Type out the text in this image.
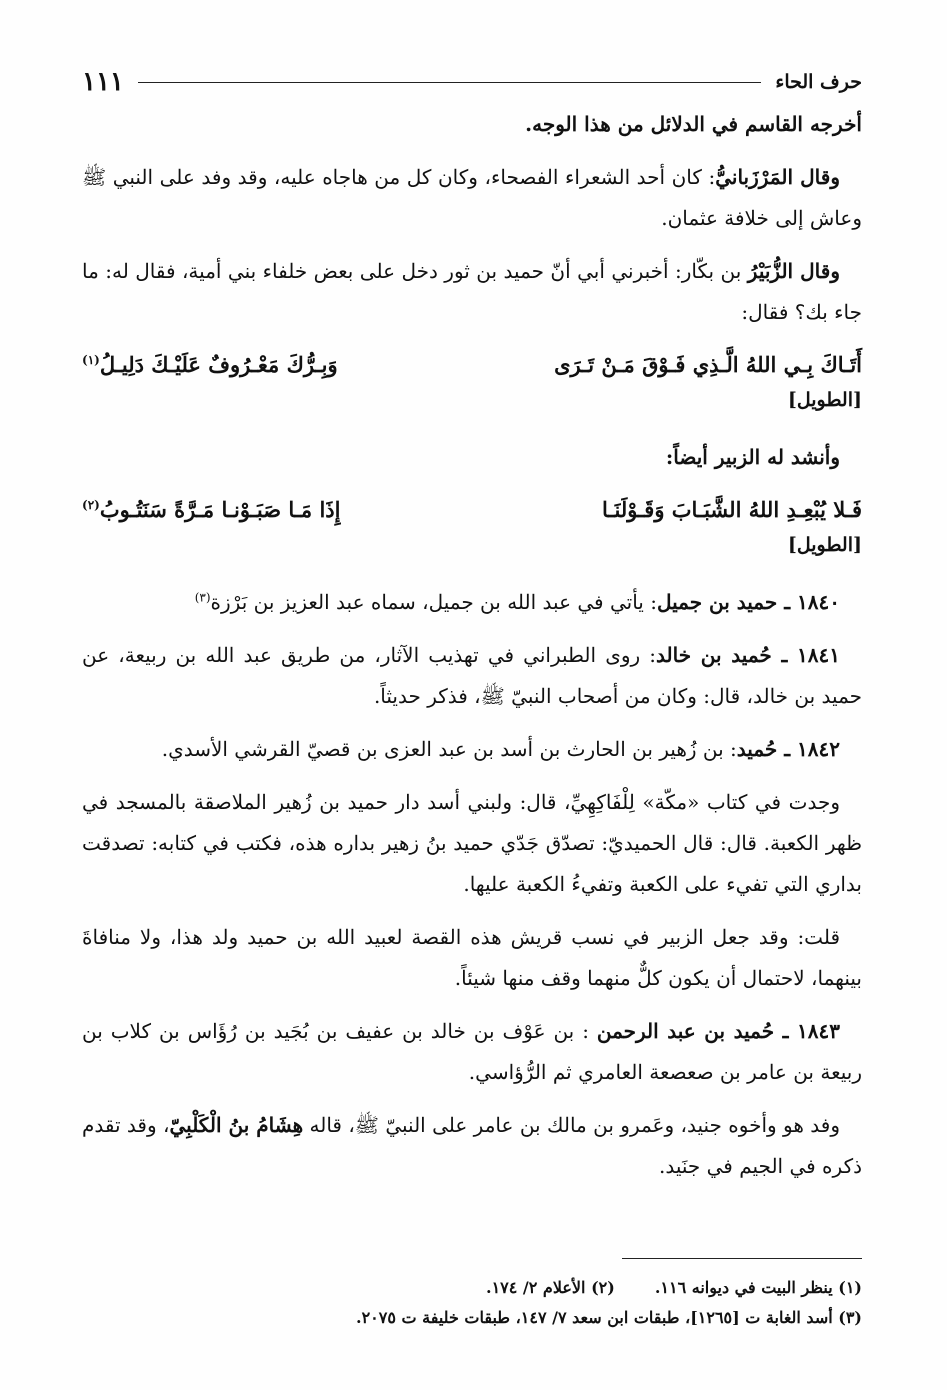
حرف الحاء
١١١

أخرجه القاسم في الدلائل من هذا الوجه.

وقال المَرْزَبانيُّ: كان أحد الشعراء الفصحاء، وكان كل من هاجاه عليه، وقد وفد على النبي ﷺ وعاش إلى خلافة عثمان.

وقال الزُّبَيْرُ بن بكّار: أخبرني أبي أنّ حميد بن ثور دخل على بعض خلفاء بني أمية، فقال له: ما جاء بك؟ فقال:

أَتَـاكَ بِـي اللهُ الَّـذِي فَـوْقَ مَـنْ تَـرَى
وَبِـرُّكَ مَعْـرُوفٌ عَلَيْـكَ دَلِيـلُ$^{(١)}$
[الطويل]

وأنشد له الزبير أيضاً:

فَـلا يُبْعِـدِ اللهُ الشَّبَـابَ وَقَـوْلَنَـا
إِذَا مَـا صَبَـوْنـا مَـرَّةً سَنَتُـوبُ$^{(٢)}$
[الطويل]

١٨٤٠ ـ حميد بن جميل: يأتي في عبد الله بن جميل، سماه عبد العزيز بن بَرْزة$^{(٣)}$

١٨٤١ ـ حُميد بن خالد: روى الطبراني في تهذيب الآثار، من طريق عبد الله بن ربيعة، عن حميد بن خالد، قال: وكان من أصحاب النبيّ ﷺ، فذكر حديثاً.

١٨٤٢ ـ حُميد: بن زُهير بن الحارث بن أسد بن عبد العزى بن قصيّ القرشي الأسدي.

وجدت في كتاب «مكّة» لِلْفَاكِهِيِّ، قال: ولبني أسد دار حميد بن زُهير الملاصقة بالمسجد في ظهر الكعبة. قال: قال الحميديّ: تصدّق جَدّي حميد بنُ زهير بداره هذه، فكتب في كتابه: تصدقت بداري التي تفيء على الكعبة وتفيءُ الكعبة عليها.

قلت: وقد جعل الزبير في نسب قريش هذه القصة لعبيد الله بن حميد ولد هذا، ولا منافاةَ بينهما، لاحتمال أن يكون كلٌّ منهما وقف منها شيئاً.

١٨٤٣ ـ حُميد بن عبد الرحمن : بن عَوْف بن خالد بن عفيف بن بُجَيد بن رُؤَاس بن كلاب بن ربيعة بن عامر بن صعصعة العامري ثم الرُّؤاسي.

وفد هو وأخوه جنيد، وعَمرو بن مالك بن عامر على النبيّ ﷺ، قاله هِشَامُ بنُ الْكَلْبِيّ، وقد تقدم ذكره في الجيم في جنَيد.

(١) ينظر البيت في ديوانه ١١٦.
(٢) الأعلام ٢/ ١٧٤.
(٣) أسد الغابة ت [١٢٦٥]، طبقات ابن سعد ٧/ ١٤٧، طبقات خليفة ت ٢٠٧٥.
